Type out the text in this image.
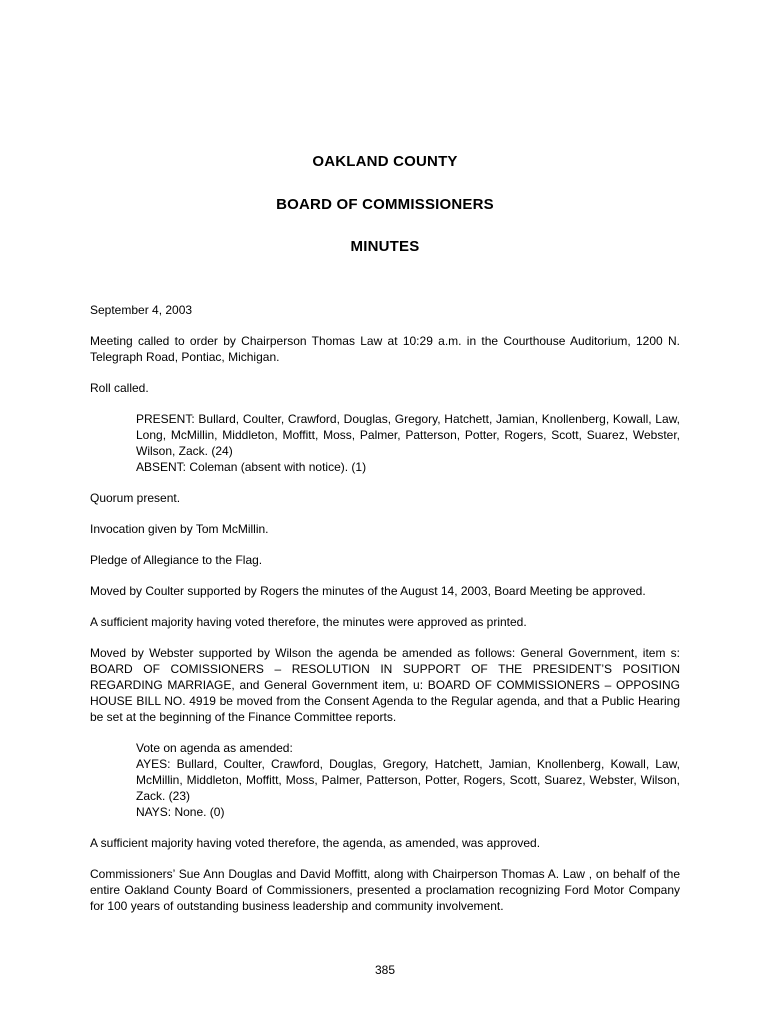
OAKLAND COUNTY
BOARD OF COMMISSIONERS
MINUTES

September 4, 2003

Meeting called to order by Chairperson Thomas Law at 10:29 a.m. in the Courthouse Auditorium, 1200 N. Telegraph Road, Pontiac, Michigan.

Roll called.

PRESENT: Bullard, Coulter, Crawford, Douglas, Gregory, Hatchett, Jamian, Knollenberg, Kowall, Law, Long, McMillin, Middleton, Moffitt, Moss, Palmer, Patterson, Potter, Rogers, Scott, Suarez, Webster, Wilson, Zack. (24)
ABSENT: Coleman (absent with notice). (1)

Quorum present.

Invocation given by Tom McMillin.

Pledge of Allegiance to the Flag.

Moved by Coulter supported by Rogers the minutes of the August 14, 2003, Board Meeting be approved.

A sufficient majority having voted therefore, the minutes were approved as printed.

Moved by Webster supported by Wilson the agenda be amended as follows: General Government, item s: BOARD OF COMISSIONERS – RESOLUTION IN SUPPORT OF THE PRESIDENT’S POSITION REGARDING MARRIAGE, and General Government item, u: BOARD OF COMMISSIONERS – OPPOSING HOUSE BILL NO. 4919 be moved from the Consent Agenda to the Regular agenda, and that a Public Hearing be set at the beginning of the Finance Committee reports.

Vote on agenda as amended:
AYES: Bullard, Coulter, Crawford, Douglas, Gregory, Hatchett, Jamian, Knollenberg, Kowall, Law, McMillin, Middleton, Moffitt, Moss, Palmer, Patterson, Potter, Rogers, Scott, Suarez, Webster, Wilson, Zack. (23)
NAYS: None. (0)

A sufficient majority having voted therefore, the agenda, as amended, was approved.

Commissioners’ Sue Ann Douglas and David Moffitt, along with Chairperson Thomas A. Law , on behalf of the entire Oakland County Board of Commissioners, presented a proclamation recognizing Ford Motor Company for 100 years of outstanding business leadership and community involvement.

385
